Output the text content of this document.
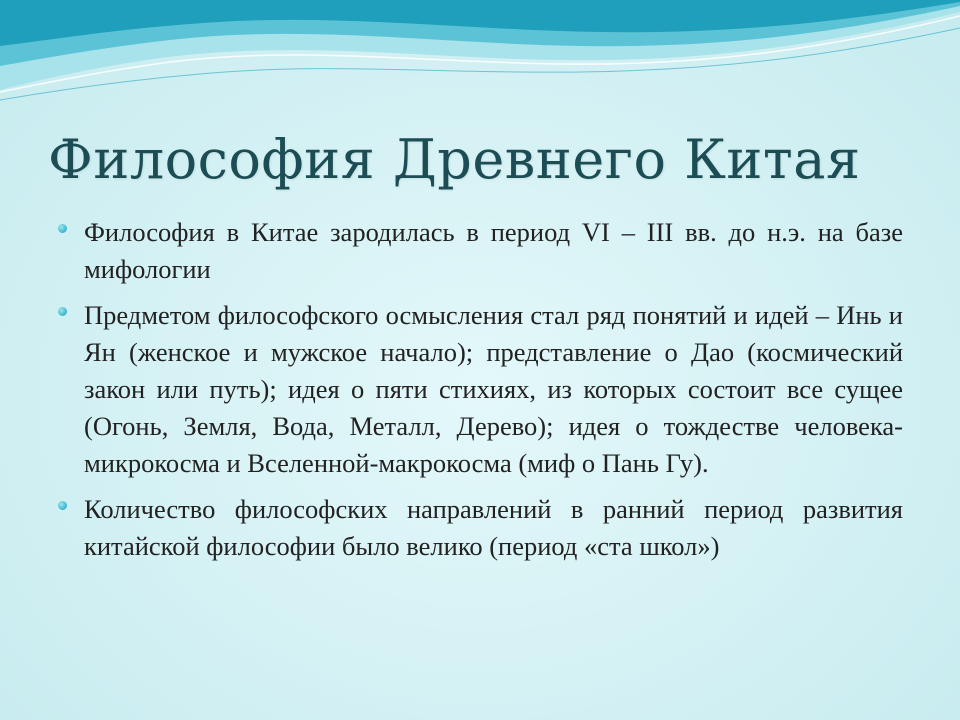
Философия Древнего Китая
Философия в Китае зародилась в период VI – III вв. до н.э. на базе мифологии
Предметом философского осмысления стал ряд понятий и идей – Инь и Ян (женское и мужское начало); представление о Дао (космический закон или путь); идея о пяти стихиях, из которых состоит все сущее (Огонь, Земля, Вода, Металл, Дерево); идея о тождестве человека-микрокосма и Вселенной-макрокосма (миф о Пань Гу).
Количество философских направлений в ранний период развития китайской философии было велико (период «ста школ»)
